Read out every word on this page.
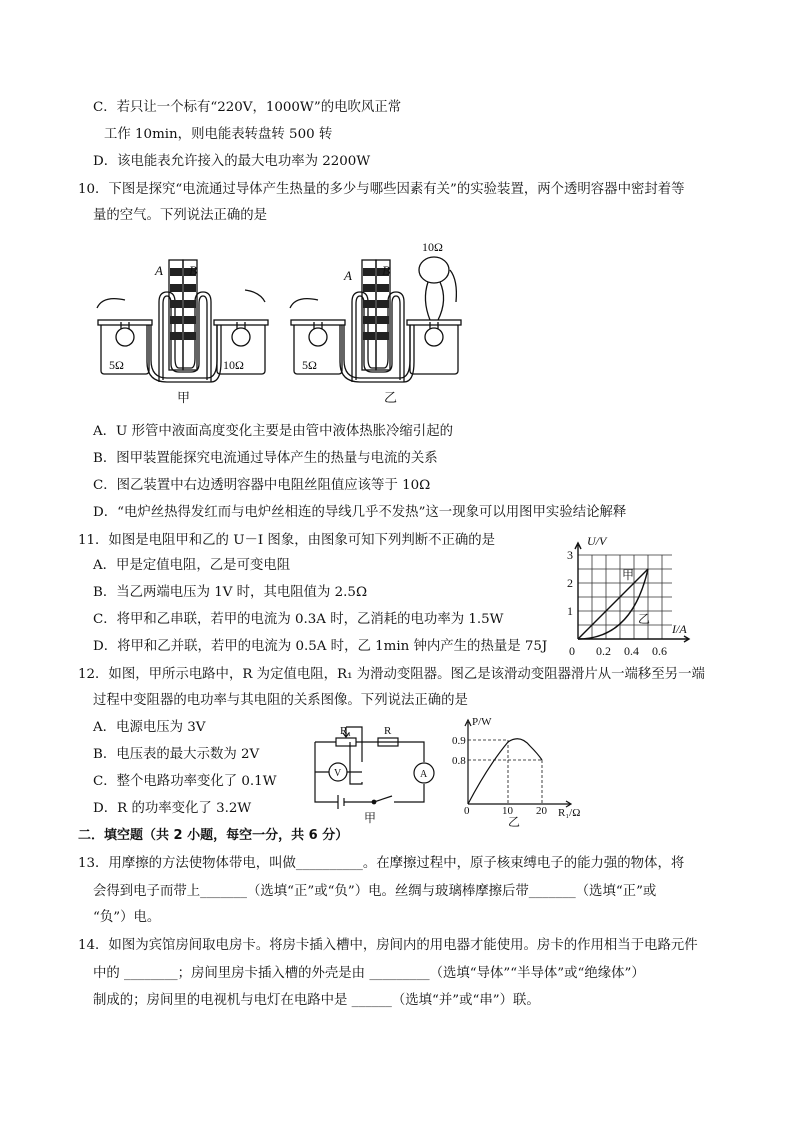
C．若只让一个标有“220V，1000W”的电吹风正常
工作 10min，则电能表转盘转 500 转
D．该电能表允许接入的最大电功率为 2200W
10．下图是探究“电流通过导体产生热量的多少与哪些因素有关”的实验装置，两个透明容器中密封着等
量的空气。下列说法正确的是
A B
5Ω	10Ω
甲
A B
5Ω
10Ω
乙
A．U 形管中液面高度变化主要是由管中液体热胀冷缩引起的
B．图甲装置能探究电流通过导体产生的热量与电流的关系
C．图乙装置中右边透明容器中电阻丝阻值应该等于 10Ω
D．“电炉丝热得发红而与电炉丝相连的导线几乎不发热”这一现象可以用图甲实验结论解释
11．如图是电阻甲和乙的 U－I 图象，由图象可知下列判断不正确的是
A．甲是定值电阻，乙是可变电阻
B．当乙两端电压为 1V 时，其电阻值为 2.5Ω
C．将甲和乙串联，若甲的电流为 0.3A 时，乙消耗的电功率为 1.5W
D．将甲和乙并联，若甲的电流为 0.5A 时，乙 1min 钟内产生的热量是 75J
U/V
I/A
0 0.2 0.4 0.6
1
2
3
甲
乙
12．如图，甲所示电路中，R 为定值电阻，R₁ 为滑动变阻器。图乙是该滑动变阻器滑片从一端移至另一端
过程中变阻器的电功率与其电阻的关系图像。下列说法正确的是
A．电源电压为 3V
B．电压表的最大示数为 2V
C．整个电路功率变化了 0.1W
D．R 的功率变化了 3.2W
R₁	R
V	A
甲
P/W
R₁/Ω
0	10 20
0.9
0.8
乙
二．填空题（共 2 小题，每空一分，共 6 分）
13．用摩擦的方法使物体带电，叫做__________。在摩擦过程中，原子核束缚电子的能力强的物体，将
会得到电子而带上_______（选填“正”或“负”）电。丝绸与玻璃棒摩擦后带_______（选填“正”或
“负”）电。
14．如图为宾馆房间取电房卡。将房卡插入槽中，房间内的用电器才能使用。房卡的作用相当于电路元件
中的 ________；房间里房卡插入槽的外壳是由 _________（选填“导体”“半导体”或“绝缘体”）
制成的；房间里的电视机与电灯在电路中是 ______（选填“并”或“串”）联。
